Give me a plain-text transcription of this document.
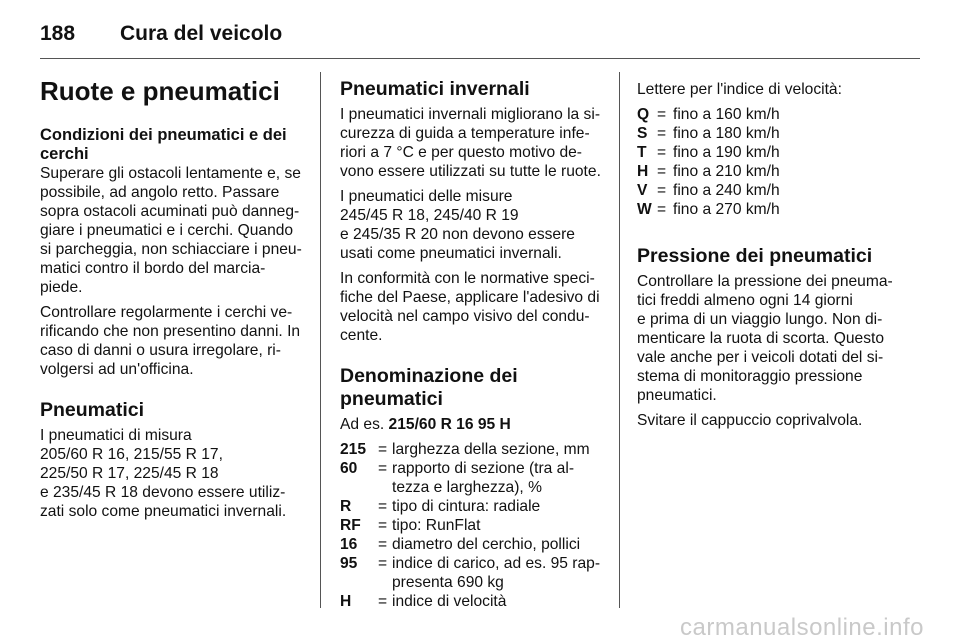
188 Cura del veicolo
Ruote e pneumatici
Condizioni dei pneumatici e dei cerchi

Superare gli ostacoli lentamente e, se
possibile, ad angolo retto. Passare
sopra ostacoli acuminati può danneg-
giare i pneumatici e i cerchi. Quando
si parcheggia, non schiacciare i pneu-
matici contro il bordo del marcia-
piede.

Controllare regolarmente i cerchi ve-
rificando che non presentino danni. In
caso di danni o usura irregolare, ri-
volgersi ad un'officina.

Pneumatici

I pneumatici di misura
205/60 R 16, 215/55 R 17,
225/50 R 17, 225/45 R 18
e 235/45 R 18 devono essere utiliz-
zati solo come pneumatici invernali.

Pneumatici invernali

I pneumatici invernali migliorano la si-
curezza di guida a temperature infe-
riori a 7 °C e per questo motivo de-
vono essere utilizzati su tutte le ruote.

I pneumatici delle misure
245/45 R 18, 245/40 R 19
e 245/35 R 20 non devono essere
usati come pneumatici invernali.

In conformità con le normative speci-
fiche del Paese, applicare l'adesivo di
velocità nel campo visivo del condu-
cente.

Denominazione dei pneumatici

Ad es. 215/60 R 16 95 H

215 = larghezza della sezione, mm
60	= rapporto di sezione (tra al-
tezza e larghezza), %
R	= tipo di cintura: radiale
RF	= tipo: RunFlat
16	= diametro del cerchio, pollici
95	= indice di carico, ad es. 95 rap-
presenta 690 kg
H	= indice di velocità

Lettere per l'indice di velocità:

Q = fino a 160 km/h
S = fino a 180 km/h
T = fino a 190 km/h
H = fino a 210 km/h
V = fino a 240 km/h
W = fino a 270 km/h
Pressione dei pneumatici

Controllare la pressione dei pneuma-
tici freddi almeno ogni 14 giorni
e prima di un viaggio lungo. Non di-
menticare la ruota di scorta. Questo
vale anche per i veicoli dotati del si-
stema di monitoraggio pressione
pneumatici.

Svitare il cappuccio coprivalvola.

carmanualsonline.info
